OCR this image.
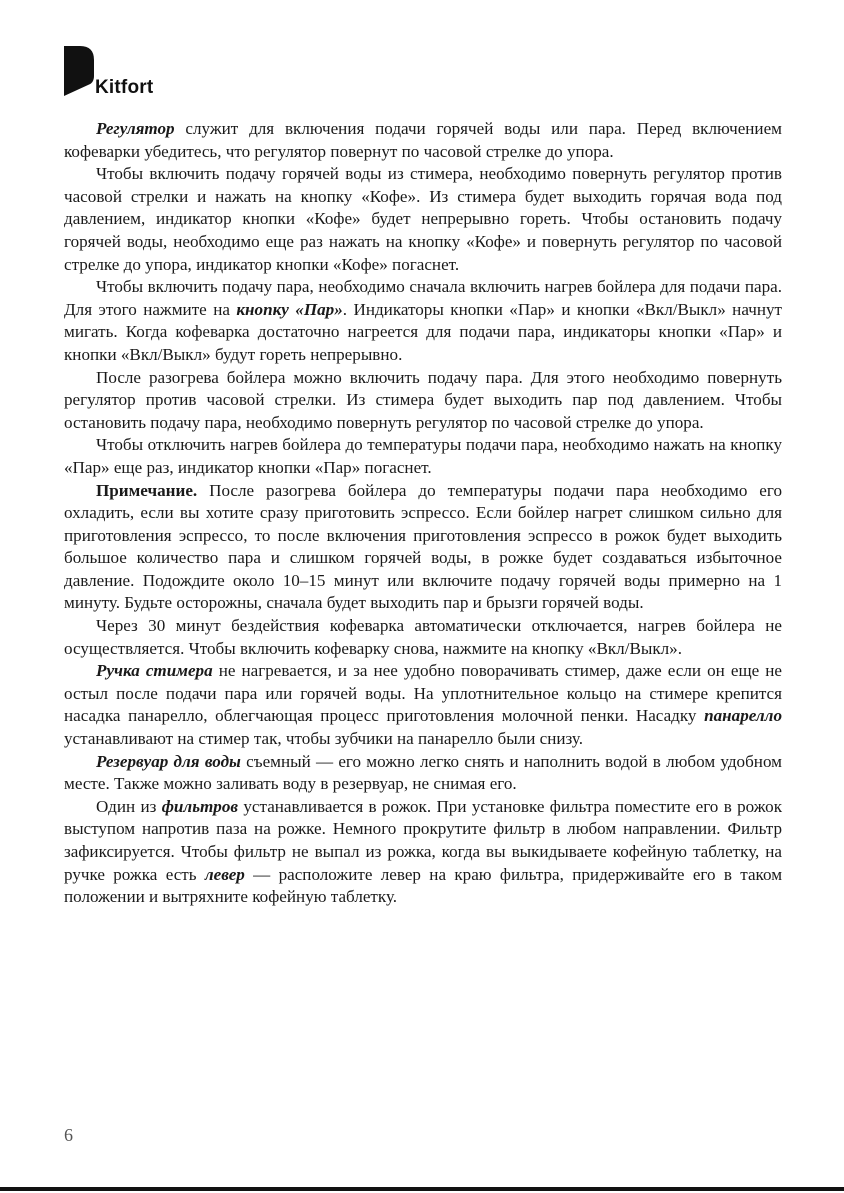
Kitfort

Регулятор служит для включения подачи горячей воды или пара. Перед включением кофеварки убедитесь, что регулятор повернут по часовой стрелке до упора.

Чтобы включить подачу горячей воды из стимера, необходимо повернуть регулятор против часовой стрелки и нажать на кнопку «Кофе». Из стимера будет выходить горячая вода под давлением, индикатор кнопки «Кофе» будет непрерывно гореть. Чтобы остановить подачу горячей воды, необходимо еще раз нажать на кнопку «Кофе» и повернуть регулятор по часовой стрелке до упора, индикатор кнопки «Кофе» погаснет.

Чтобы включить подачу пара, необходимо сначала включить нагрев бойлера для подачи пара. Для этого нажмите на кнопку «Пар». Индикаторы кнопки «Пар» и кнопки «Вкл/Выкл» начнут мигать. Когда кофеварка достаточно нагреется для подачи пара, индикаторы кнопки «Пар» и кнопки «Вкл/Выкл» будут гореть непрерывно.

После разогрева бойлера можно включить подачу пара. Для этого необходимо повернуть регулятор против часовой стрелки. Из стимера будет выходить пар под давлением. Чтобы остановить подачу пара, необходимо повернуть регулятор по часовой стрелке до упора.

Чтобы отключить нагрев бойлера до температуры подачи пара, необходимо нажать на кнопку «Пар» еще раз, индикатор кнопки «Пар» погаснет.

Примечание. После разогрева бойлера до температуры подачи пара необходимо его охладить, если вы хотите сразу приготовить эспрессо. Если бойлер нагрет слишком сильно для приготовления эспрессо, то после включения приготовления эспрессо в рожок будет выходить большое количество пара и слишком горячей воды, в рожке будет создаваться избыточное давление. Подождите около 10–15 минут или включите подачу горячей воды примерно на 1 минуту. Будьте осторожны, сначала будет выходить пар и брызги горячей воды.

Через 30 минут бездействия кофеварка автоматически отключается, нагрев бойлера не осуществляется. Чтобы включить кофеварку снова, нажмите на кнопку «Вкл/Выкл».

Ручка стимера не нагревается, и за нее удобно поворачивать стимер, даже если он еще не остыл после подачи пара или горячей воды. На уплотнительное кольцо на стимере крепится насадка панарелло, облегчающая процесс приготовления молочной пенки. Насадку панарелло устанавливают на стимер так, чтобы зубчики на панарелло были снизу.

Резервуар для воды съемный — его можно легко снять и наполнить водой в любом удобном месте. Также можно заливать воду в резервуар, не снимая его.

Один из фильтров устанавливается в рожок. При установке фильтра поместите его в рожок выступом напротив паза на рожке. Немного прокрутите фильтр в любом направлении. Фильтр зафиксируется. Чтобы фильтр не выпал из рожка, когда вы выкидываете кофейную таблетку, на ручке рожка есть левер — расположите левер на краю фильтра, придерживайте его в таком положении и вытряхните кофейную таблетку.

6
